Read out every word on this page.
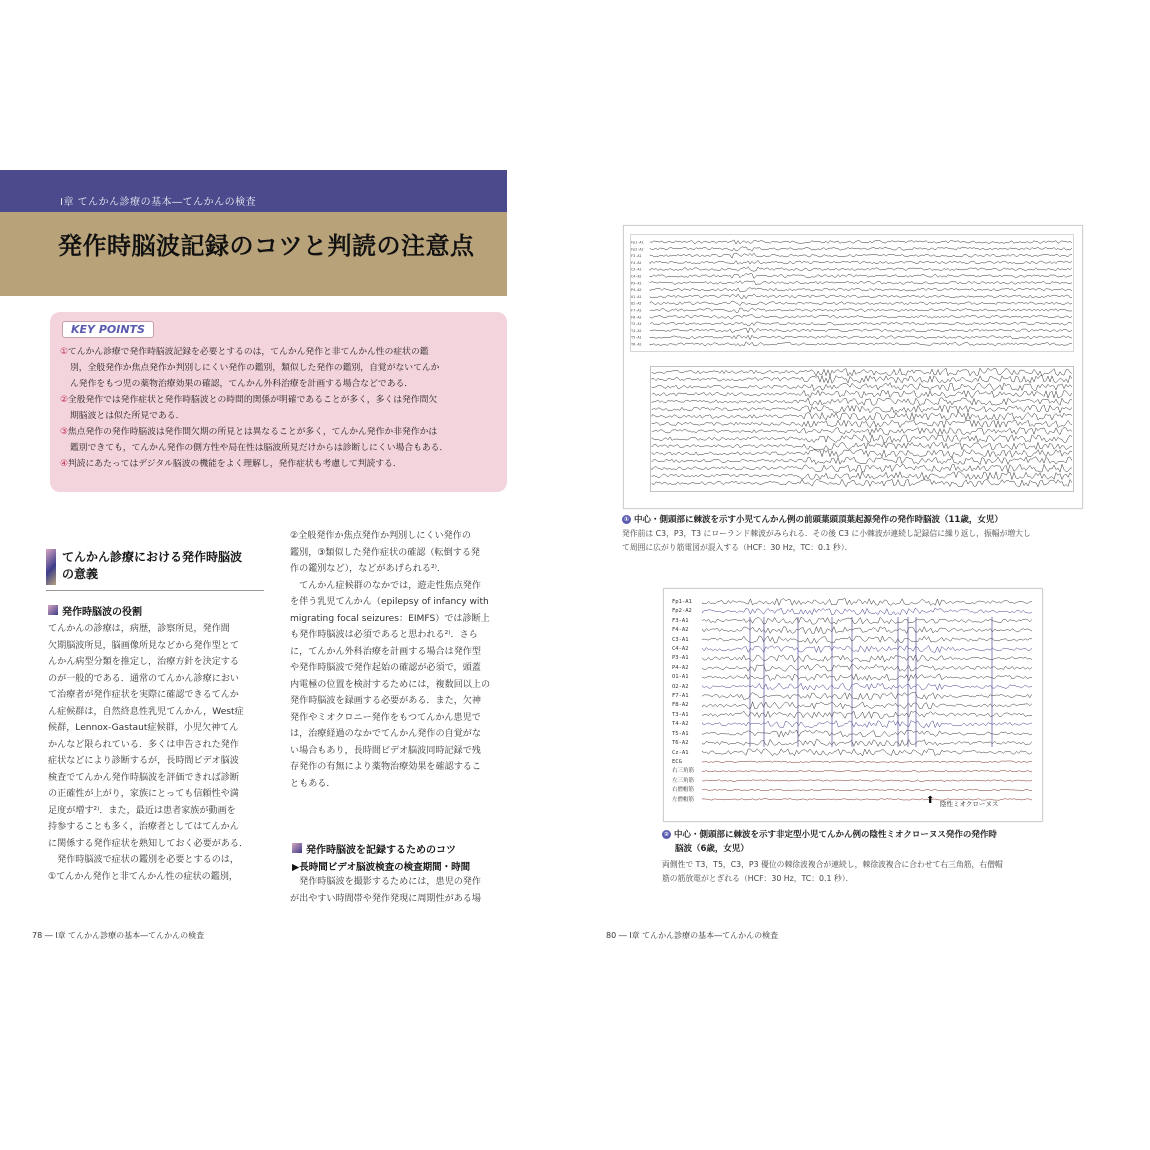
I章 てんかん診療の基本―てんかんの検査
発作時脳波記録のコツと判読の注意点
KEY POINTS
①てんかん診療で発作時脳波記録を必要とするのは，てんかん発作と非てんかん性の症状の鑑
別，全般発作か焦点発作か判別しにくい発作の鑑別，類似した発作の鑑別，自覚がないてんか
ん発作をもつ児の薬物治療効果の確認，てんかん外科治療を計画する場合などである．
②全般発作では発作症状と発作時脳波との時間的関係が明確であることが多く，多くは発作間欠
期脳波とは似た所見である．
③焦点発作の発作時脳波は発作間欠期の所見とは異なることが多く，てんかん発作か非発作かは
鑑別できても，てんかん発作の側方性や局在性は脳波所見だけからは診断しにくい場合もある．
④判読にあたってはデジタル脳波の機能をよく理解し，発作症状も考慮して判読する．
てんかん診療における発作時脳波
の意義
発作時脳波の役割
てんかんの診療は，病歴，診察所見，発作間
欠期脳波所見，脳画像所見などから発作型とて
んかん病型分類を推定し，治療方針を決定する
のが一般的である．通常のてんかん診療におい
て治療者が発作症状を実際に確認できるてんか
ん症候群は，自然終息性乳児てんかん，West症
候群，Lennox-Gastaut症候群，小児欠神てん
かんなど限られている．多くは申告された発作
症状などにより診断するが，長時間ビデオ脳波
検査でてんかん発作時脳波を評価できれば診断
の正確性が上がり，家族にとっても信頼性や満
足度が増す²⁾．また，最近は患者家族が動画を
持参することも多く，治療者としてはてんかん
に関係する発作症状を熟知しておく必要がある．
　発作時脳波で症状の鑑別を必要とするのは，
①てんかん発作と非てんかん性の症状の鑑別，
②全般発作か焦点発作か判別しにくい発作の
鑑別，③類似した発作症状の確認（転倒する発
作の鑑別など），などがあげられる²⁾．
　てんかん症候群のなかでは，遊走性焦点発作
を伴う乳児てんかん（epilepsy of infancy with
migrating focal seizures：EIMFS）では診断上
も発作時脳波は必須であると思われる²⁾．さら
に，てんかん外科治療を計画する場合は発作型
や発作時脳波で発作起始の確認が必須で，頭蓋
内電極の位置を検討するためには，複数回以上の
発作時脳波を録画する必要がある．また，欠神
発作やミオクロニー発作をもつてんかん患児で
は，治療経過のなかでてんかん発作の自覚がな
い場合もあり，長時間ビデオ脳波同時記録で残
存発作の有無により薬物治療効果を確認するこ
ともある．
発作時脳波を記録するためのコツ
▶長時間ビデオ脳波検査の検査期間・時間
　発作時脳波を撮影するためには，患児の発作
が出やすい時間帯や発作発現に周期性がある場
78 ― I章 てんかん診療の基本―てんかんの検査
Fp1-A1
Fp2-A2
F3-A1
F4-A2
C3-A1
C4-A2
P3-A1
P4-A2
O1-A1
O2-A2
F7-A1
F8-A2
T3-A1
T4-A2
T5-A1
T6-A2
① 中心・側頭部に棘波を示す小児てんかん例の前頭葉頭頂葉起源発作の発作時脳波（11歳，女児）
発作前は C3，P3，T3 にローランド棘波がみられる．その後 C3 に小棘波が連続し記録信に繰り返し，振幅が増大し
て周囲に広がり筋電図が混入する（HCF：30 Hz，TC：0.1 秒）．
Fp1-A1
Fp2-A2
F3-A1
F4-A2
C3-A1
C4-A2
P3-A1
P4-A2
O1-A1
O2-A2
F7-A1
F8-A2
T3-A1
T4-A2
T5-A1
T6-A2
Cz-A1
ECG
右三角筋
左三角筋
右僧帽筋
左僧帽筋	⬆ 陰性ミオクローヌス
② 中心・側頭部に棘波を示す非定型小児てんかん例の陰性ミオクローヌス発作の発作時
脳波（6歳，女児）
両側性で T3，T5，C3，P3 優位の棘徐波複合が連続し，棘徐波複合に合わせて右三角筋，右僧帽
筋の筋放電がとぎれる（HCF：30 Hz，TC：0.1 秒）．
80 ― I章 てんかん診療の基本―てんかんの検査
